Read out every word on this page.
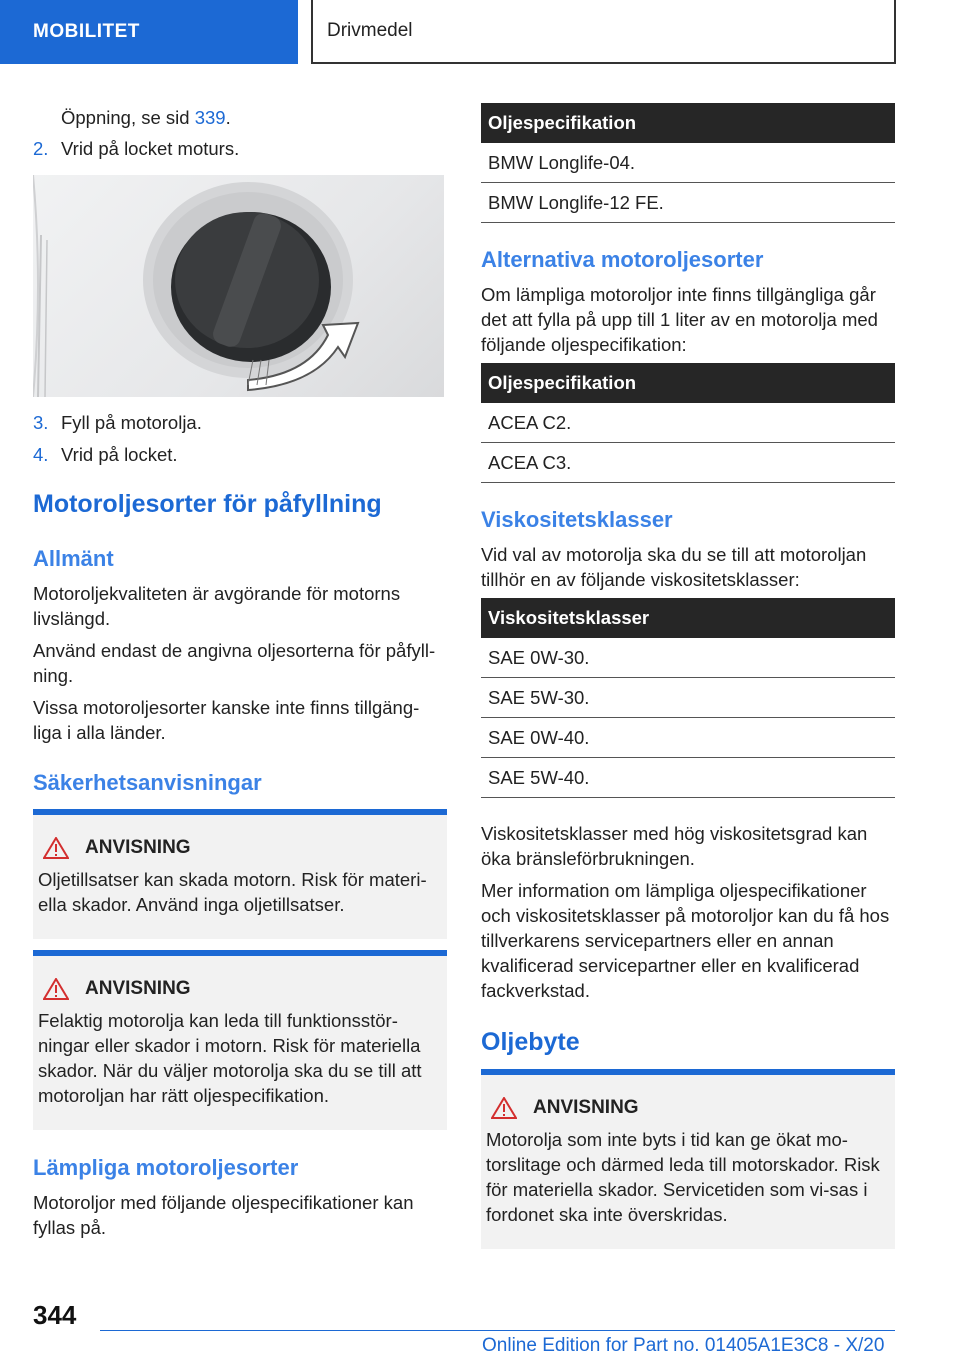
MOBILITET	Drivmedel
Öppning, se sid 339.
2. Vrid på locket moturs.
3. Fyll på motorolja.
4. Vrid på locket.
Motoroljesorter för påfyllning
Allmänt

Motoroljekvaliteten är avgörande för motorns livslängd.

Använd endast de angivna oljesorterna för påfyll-ning.

Vissa motoroljesorter kanske inte finns tillgäng-liga i alla länder.

Säkerhetsanvisningar
ANVISNING
Oljetillsatser kan skada motorn. Risk för materi-ella skador. Använd inga oljetillsatser.
ANVISNING
Felaktig motorolja kan leda till funktionsstör-ningar eller skador i motorn. Risk för materiella skador. När du väljer motorolja ska du se till att motoroljan har rätt oljespecifikation.
Lämpliga motoroljesorter

Motoroljor med följande oljespecifikationer kan fyllas på.

Oljespecifikation
BMW Longlife-04.
BMW Longlife-12 FE.
Alternativa motoroljesorter

Om lämpliga motoroljor inte finns tillgängliga går det att fylla på upp till 1 liter av en motorolja med följande oljespecifikation:

Oljespecifikation
ACEA C2.
ACEA C3.
Viskositetsklasser

Vid val av motorolja ska du se till att motoroljan tillhör en av följande viskositetsklasser:

Viskositetsklasser
SAE 0W-30.
SAE 5W-30.
SAE 0W-40.
SAE 5W-40.

Viskositetsklasser med hög viskositetsgrad kan öka bränsleförbrukningen.

Mer information om lämpliga oljespecifikationer och viskositetsklasser på motoroljor kan du få hos tillverkarens servicepartners eller en annan kvalificerad servicepartner eller en kvalificerad fackverkstad.

Oljebyte
ANVISNING
Motorolja som inte byts i tid kan ge ökat mo-torslitage och därmed leda till motorskador. Risk för materiella skador. Servicetiden som vi-sas i fordonet ska inte överskridas.
344
Online Edition for Part no. 01405A1E3C8 - X/20
